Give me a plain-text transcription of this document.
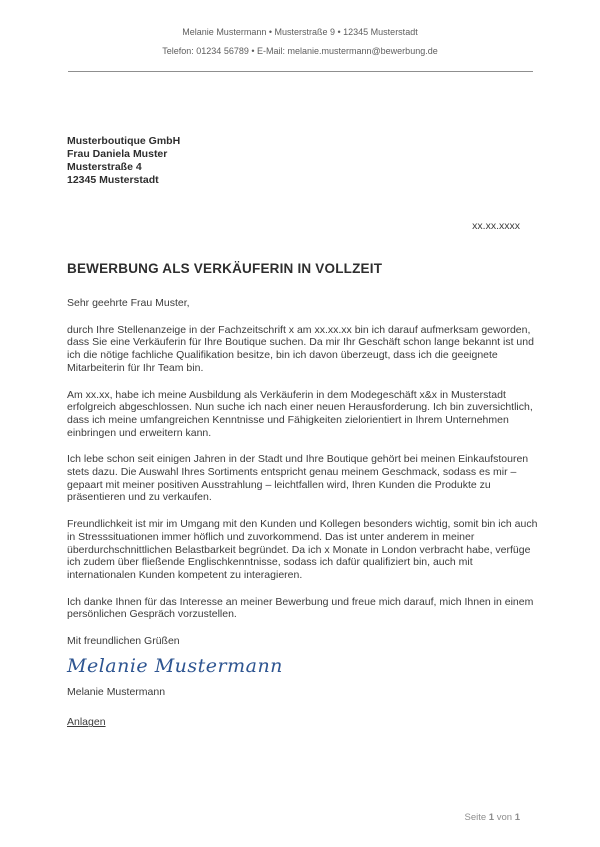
Melanie Mustermann • Musterstraße 9 • 12345 Musterstadt
Telefon: 01234 56789 • E-Mail: melanie.mustermann@bewerbung.de
Musterboutique GmbH
Frau Daniela Muster
Musterstraße 4
12345 Musterstadt
xx.xx.xxxx
BEWERBUNG ALS VERKÄUFERIN IN VOLLZEIT

Sehr geehrte Frau Muster,

durch Ihre Stellenanzeige in der Fachzeitschrift x am xx.xx.xx bin ich darauf aufmerksam geworden, dass Sie eine Verkäuferin für Ihre Boutique suchen. Da mir Ihr Geschäft schon lange bekannt ist und ich die nötige fachliche Qualifikation besitze, bin ich davon überzeugt, dass ich die geeignete Mitarbeiterin für Ihr Team bin.

Am xx.xx, habe ich meine Ausbildung als Verkäuferin in dem Modegeschäft x&x in Musterstadt erfolgreich abgeschlossen. Nun suche ich nach einer neuen Herausforderung. Ich bin zuversichtlich, dass ich meine umfangreichen Kenntnisse und Fähigkeiten zielorientiert in Ihrem Unternehmen einbringen und erweitern kann.

Ich lebe schon seit einigen Jahren in der Stadt und Ihre Boutique gehört bei meinen Einkaufstouren stets dazu. Die Auswahl Ihres Sortiments entspricht genau meinem Geschmack, sodass es mir – gepaart mit meiner positiven Ausstrahlung – leichtfallen wird, Ihren Kunden die Produkte zu präsentieren und zu verkaufen.

Freundlichkeit ist mir im Umgang mit den Kunden und Kollegen besonders wichtig, somit bin ich auch in Stresssituationen immer höflich und zuvorkommend. Das ist unter anderem in meiner überdurchschnittlichen Belastbarkeit begründet. Da ich x Monate in London verbracht habe, verfüge ich zudem über fließende Englischkenntnisse, sodass ich dafür qualifiziert bin, auch mit internationalen Kunden kompetent zu interagieren.

Ich danke Ihnen für das Interesse an meiner Bewerbung und freue mich darauf, mich Ihnen in einem persönlichen Gespräch vorzustellen.

Mit freundlichen Grüßen

Melanie Mustermann
Melanie Mustermann
Anlagen
Seite 1 von 1
